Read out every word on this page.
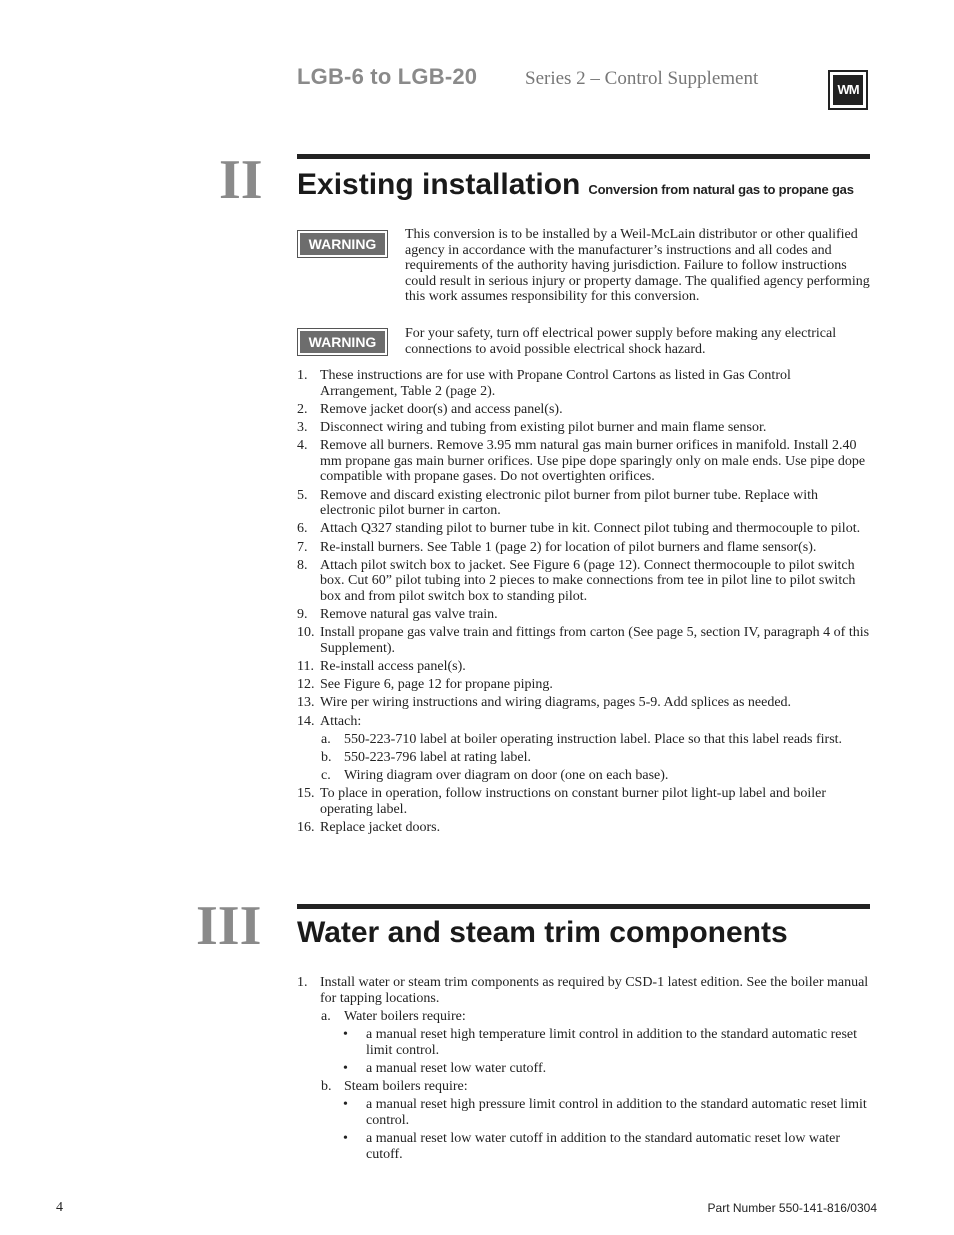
LGB-6 to LGB-20	Series 2 – Control Supplement
WM
II Existing installation Conversion from natural gas to propane gas
WARNING
This conversion is to be installed by a Weil-McLain distributor or other qualified agency in accordance with the manufacturer’s instructions and all codes and requirements of the authority having jurisdiction. Failure to follow instructions could result in serious injury or property damage. The qualified agency performing this work assumes responsibility for this conversion.
WARNING
For your safety, turn off electrical power supply before making any electrical connections to avoid possible electrical shock hazard.
1. These instructions are for use with Propane Control Cartons as listed in Gas Control Arrangement, Table 2 (page 2).
2. Remove jacket door(s) and access panel(s).
3. Disconnect wiring and tubing from existing pilot burner and main flame sensor.
4. Remove all burners. Remove 3.95 mm natural gas main burner orifices in manifold. Install 2.40 mm propane gas main burner orifices. Use pipe dope sparingly only on male ends. Use pipe dope compatible with propane gases. Do not overtighten orifices.
5. Remove and discard existing electronic pilot burner from pilot burner tube. Replace with electronic pilot burner in carton.
6. Attach Q327 standing pilot to burner tube in kit. Connect pilot tubing and thermocouple to pilot.
7. Re-install burners. See Table 1 (page 2) for location of pilot burners and flame sensor(s).
8. Attach pilot switch box to jacket. See Figure 6 (page 12). Connect thermocouple to pilot switch box. Cut 60” pilot tubing into 2 pieces to make connections from tee in pilot line to pilot switch box and from pilot switch box to standing pilot.
9. Remove natural gas valve train.
10. Install propane gas valve train and fittings from carton (See page 5, section IV, paragraph 4 of this Supplement).
11. Re-install access panel(s).
12. See Figure 6, page 12 for propane piping.
13. Wire per wiring instructions and wiring diagrams, pages 5-9. Add splices as needed.
14. Attach:
a. 550-223-710 label at boiler operating instruction label. Place so that this label reads first.
b. 550-223-796 label at rating label.
c. Wiring diagram over diagram on door (one on each base).
15. To place in operation, follow instructions on constant burner pilot light-up label and boiler operating label.
16. Replace jacket doors.
III Water and steam trim components
1. Install water or steam trim components as required by CSD-1 latest edition. See the boiler manual for tapping locations.
a. Water boilers require:
• a manual reset high temperature limit control in addition to the standard automatic reset limit control.
• a manual reset low water cutoff.
b. Steam boilers require:
• a manual reset high pressure limit control in addition to the standard automatic reset limit control.
• a manual reset low water cutoff in addition to the standard automatic reset low water cutoff.
4	Part Number 550-141-816/0304
